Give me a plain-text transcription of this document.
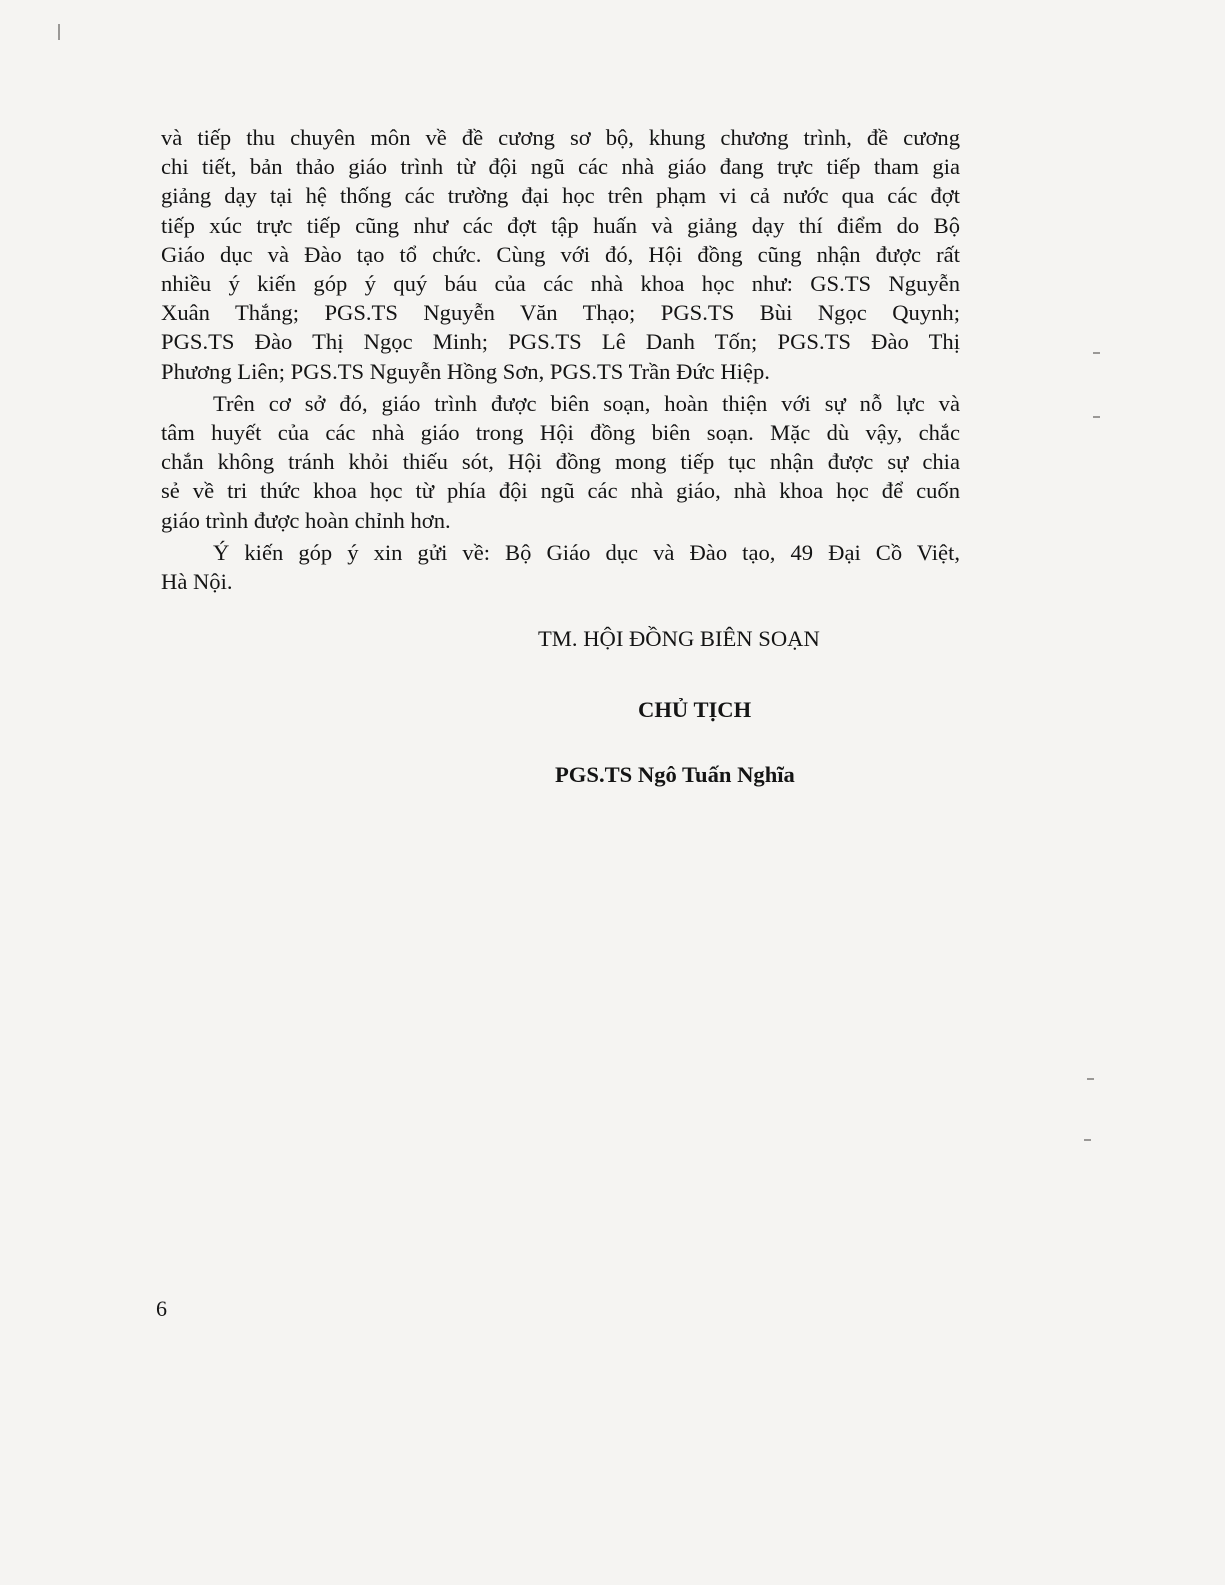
và tiếp thu chuyên môn về đề cương sơ bộ, khung chương trình, đề cương
chi tiết, bản thảo giáo trình từ đội ngũ các nhà giáo đang trực tiếp tham gia
giảng dạy tại hệ thống các trường đại học trên phạm vi cả nước qua các đợt
tiếp xúc trực tiếp cũng như các đợt tập huấn và giảng dạy thí điểm do Bộ
Giáo dục và Đào tạo tổ chức. Cùng với đó, Hội đồng cũng nhận được rất
nhiều ý kiến góp ý quý báu của các nhà khoa học như: GS.TS Nguyễn
Xuân Thắng; PGS.TS Nguyễn Văn Thạo; PGS.TS Bùi Ngọc Quynh;
PGS.TS Đào Thị Ngọc Minh; PGS.TS Lê Danh Tốn; PGS.TS Đào Thị
Phương Liên; PGS.TS Nguyễn Hồng Sơn, PGS.TS Trần Đức Hiệp.

Trên cơ sở đó, giáo trình được biên soạn, hoàn thiện với sự nỗ lực và
tâm huyết của các nhà giáo trong Hội đồng biên soạn. Mặc dù vậy, chắc
chắn không tránh khỏi thiếu sót, Hội đồng mong tiếp tục nhận được sự chia
sẻ về tri thức khoa học từ phía đội ngũ các nhà giáo, nhà khoa học để cuốn
giáo trình được hoàn chỉnh hơn.

Ý kiến góp ý xin gửi về: Bộ Giáo dục và Đào tạo, 49 Đại Cồ Việt,
Hà Nội.

TM. HỘI ĐỒNG BIÊN SOẠN
CHỦ TỊCH
PGS.TS Ngô Tuấn Nghĩa
6
